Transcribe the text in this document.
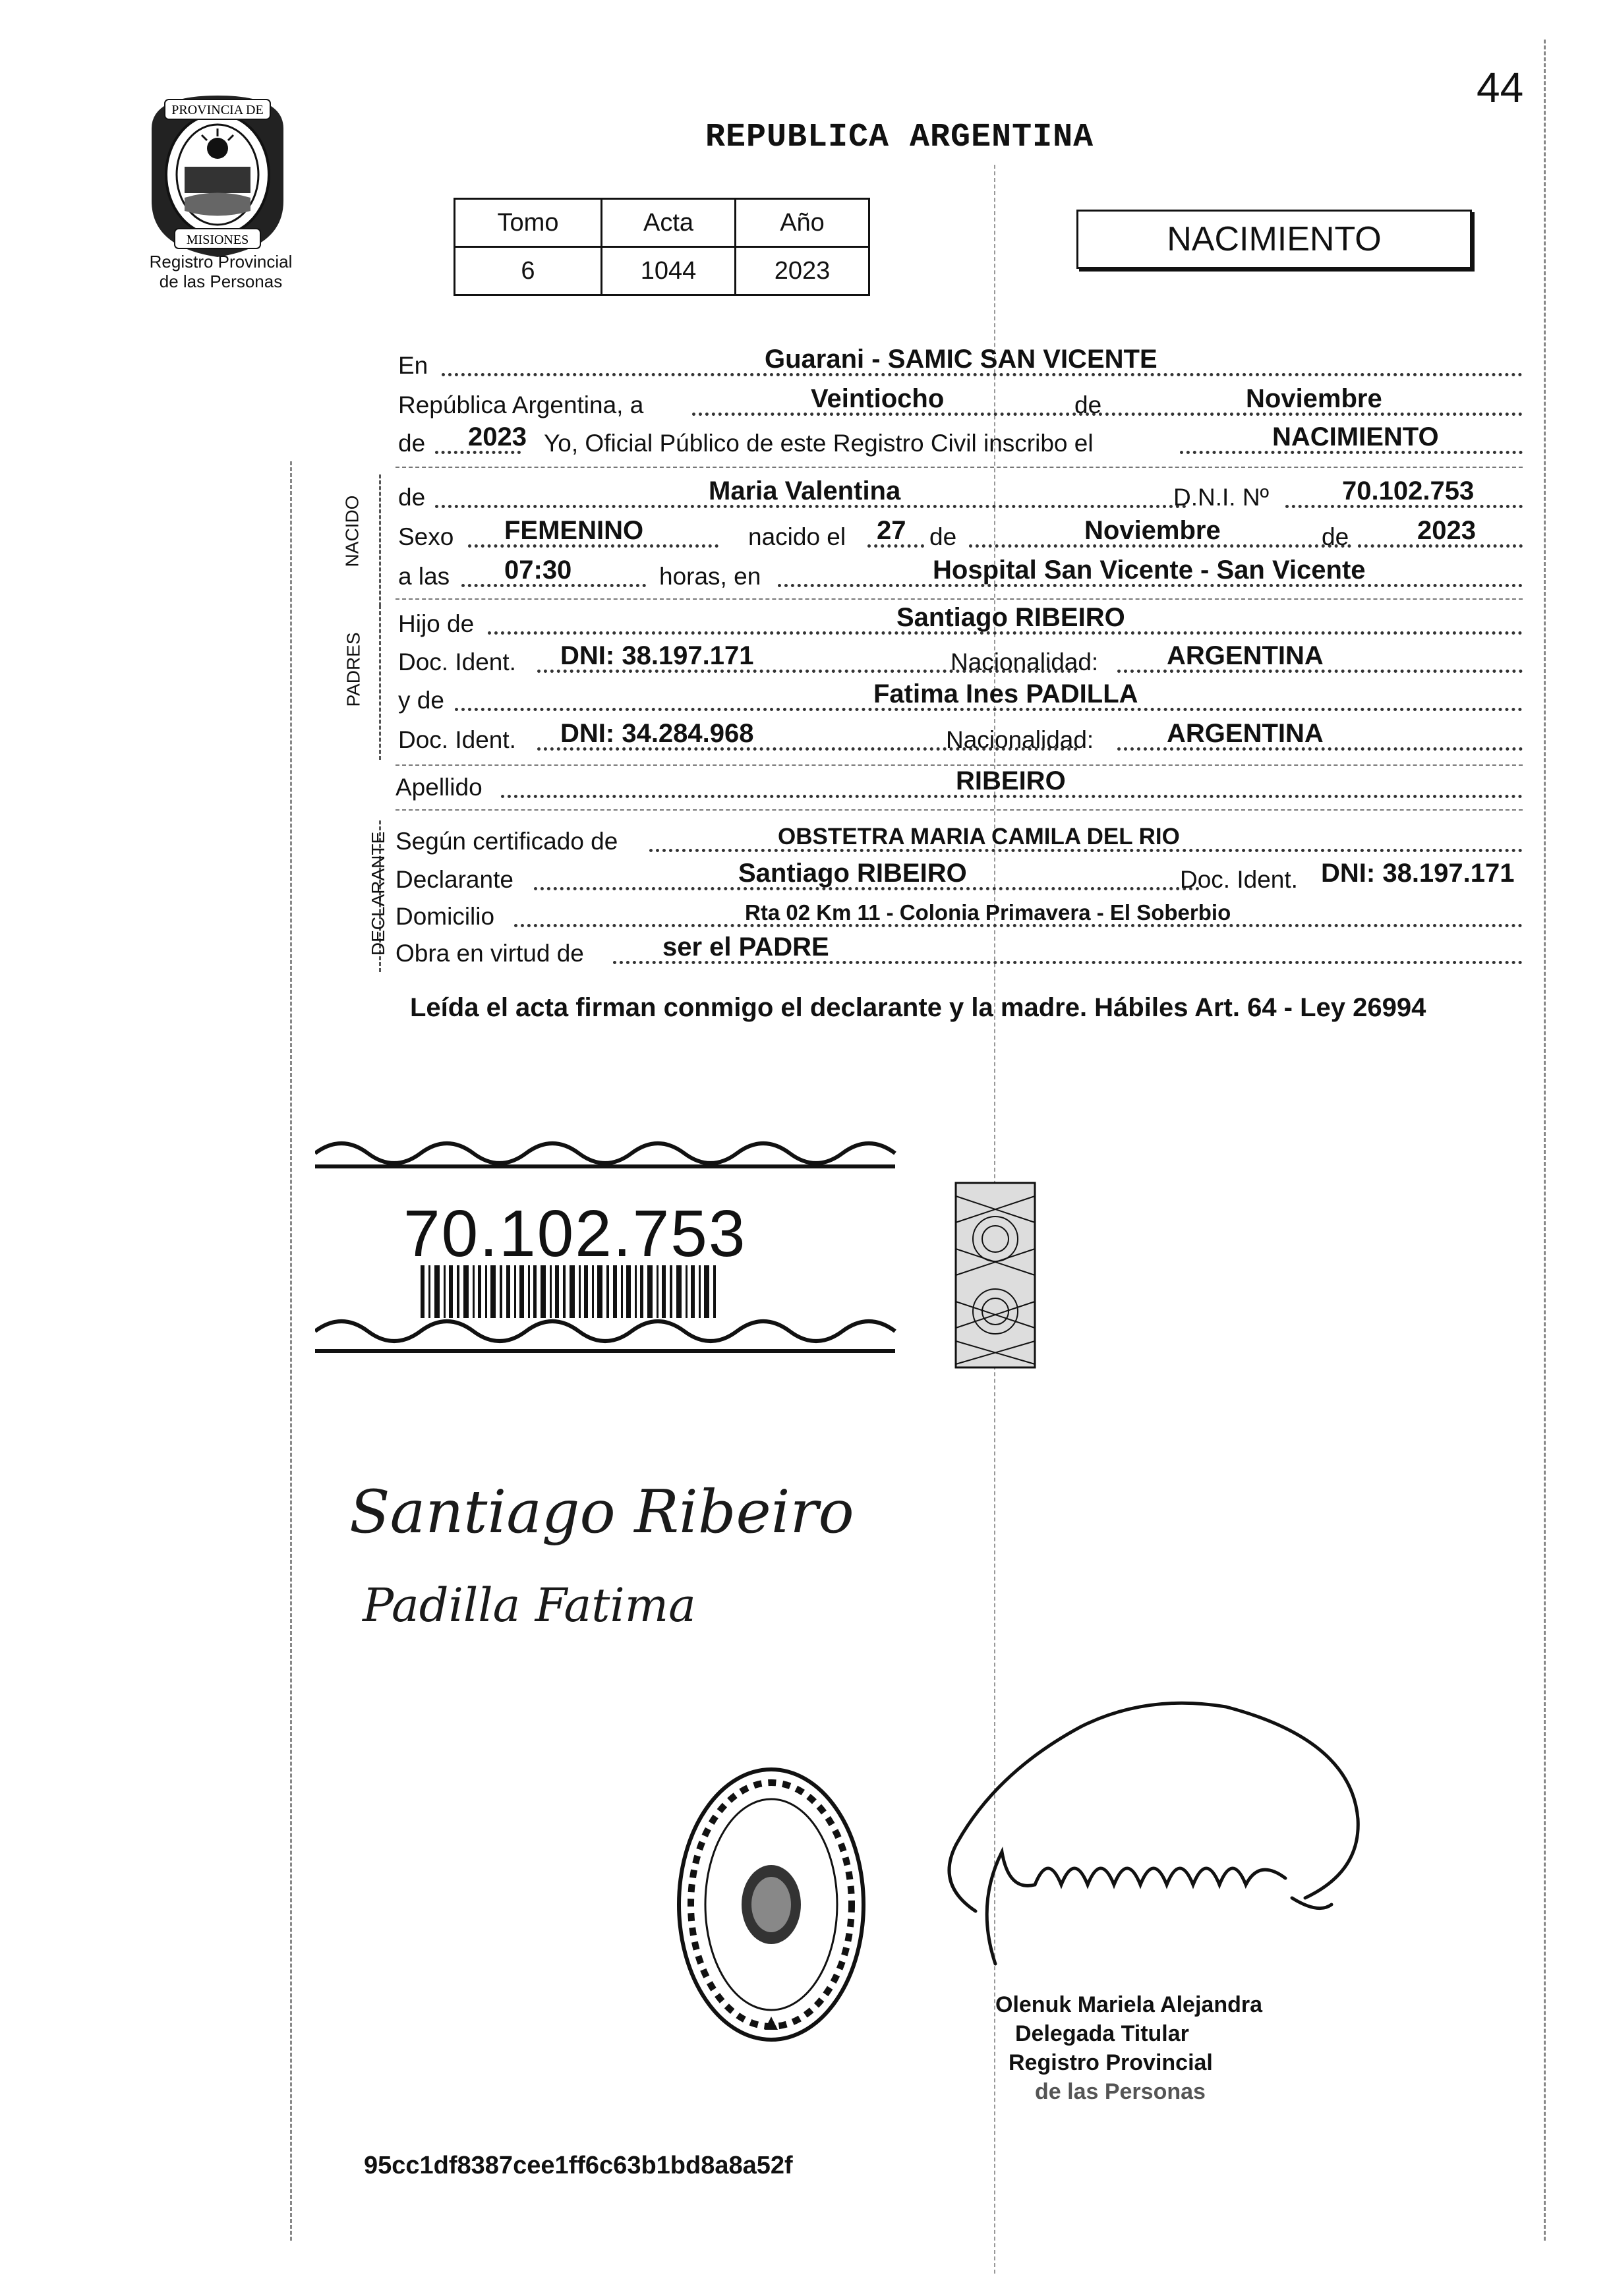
44
PROVINCIA DE
MISIONES
Registro Provincial
de las Personas
REPUBLICA ARGENTINA
Tomo	Acta	Año
6	1044	2023
NACIMIENTO
En	Guarani - SAMIC SAN VICENTE
República Argentina, a	Veintiocho	de	Noviembre
de 2023 Yo, Oficial Público de este Registro Civil inscribo el	NACIMIENTO
NACIDO	de	Maria Valentina	D.N.I. Nº	70.102.753
Sexo FEMENINO	nacido el 27 de	Noviembre	de	2023
a las 07:30	horas, en	Hospital San Vicente - San Vicente
PADRES
Hijo de	Santiago RIBEIRO
Doc. Ident. DNI: 38.197.171	Nacionalidad:	ARGENTINA
y de	Fatima Ines PADILLA
Doc. Ident. DNI: 34.284.968	Nacionalidad:	ARGENTINA
Apellido	RIBEIRO
DECLARANTE Según certificado de	OBSTETRA MARIA CAMILA DEL RIO
Declarante	Santiago RIBEIRO	Doc. Ident. DNI: 38.197.171
Domicilio	Rta 02 Km 11 - Colonia Primavera - El Soberbio
Obra en virtud de	ser el PADRE
Leída el acta firman conmigo el declarante y la madre. Hábiles Art. 64 - Ley 26994
70.102.753
Santiago Ribeiro
Padilla Fatima
Olenuk Mariela Alejandra
Delegada Titular
Registro Provincial
de las Personas
95cc1df8387cee1ff6c63b1bd8a8a52f
